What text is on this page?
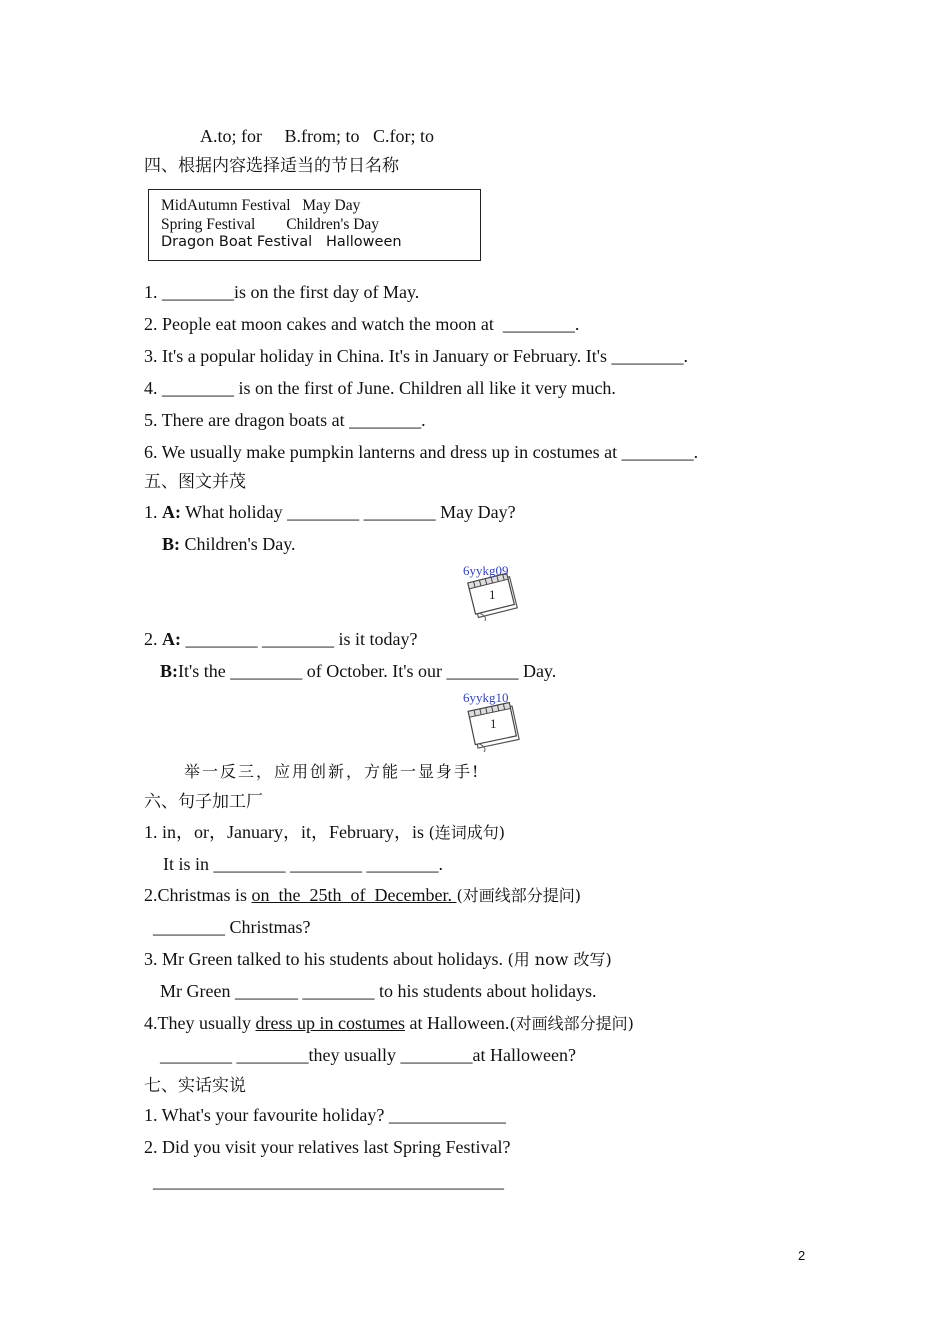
A.to; for     B.from; to   C.for; to
四、根据内容选择适当的节日名称
MidAutumn Festival   May Day
Spring Festival        Children's Day
Dragon Boat Festival   Halloween
1. ________is on the first day of May.
2. People eat moon cakes and watch the moon at  ________.
3. It's a popular holiday in China. It's in January or February. It's ________.
4. ________ is on the first of June. Children all like it very much.
5. There are dragon boats at ________.
6. We usually make pumpkin lanterns and dress up in costumes at ________.
五、图文并茂
1. A: What holiday ________ ________ May Day?
B: Children's Day.
1
6yykg09
2. A: ________ ________ is it today?
B:It's the ________ of October. It's our ________ Day.
1
6yykg10
举一反三，应用创新，方能一显身手!
六、句子加工厂
1. in，or，January，it，February，is (连词成句)
It is in ________ ________ ________.
2.Christmas is on  the  25th  of  December. (对画线部分提问)
________ Christmas?
3. Mr Green talked to his students about holidays. (用 now 改写)
Mr Green _______ ________ to his students about holidays.
4.They usually dress up in costumes at Halloween.(对画线部分提问)
________ ________they usually ________at Halloween?
七、实话实说
1. What's your favourite holiday? _____________
2. Did you visit your relatives last Spring Festival?
_______________________________________
2
